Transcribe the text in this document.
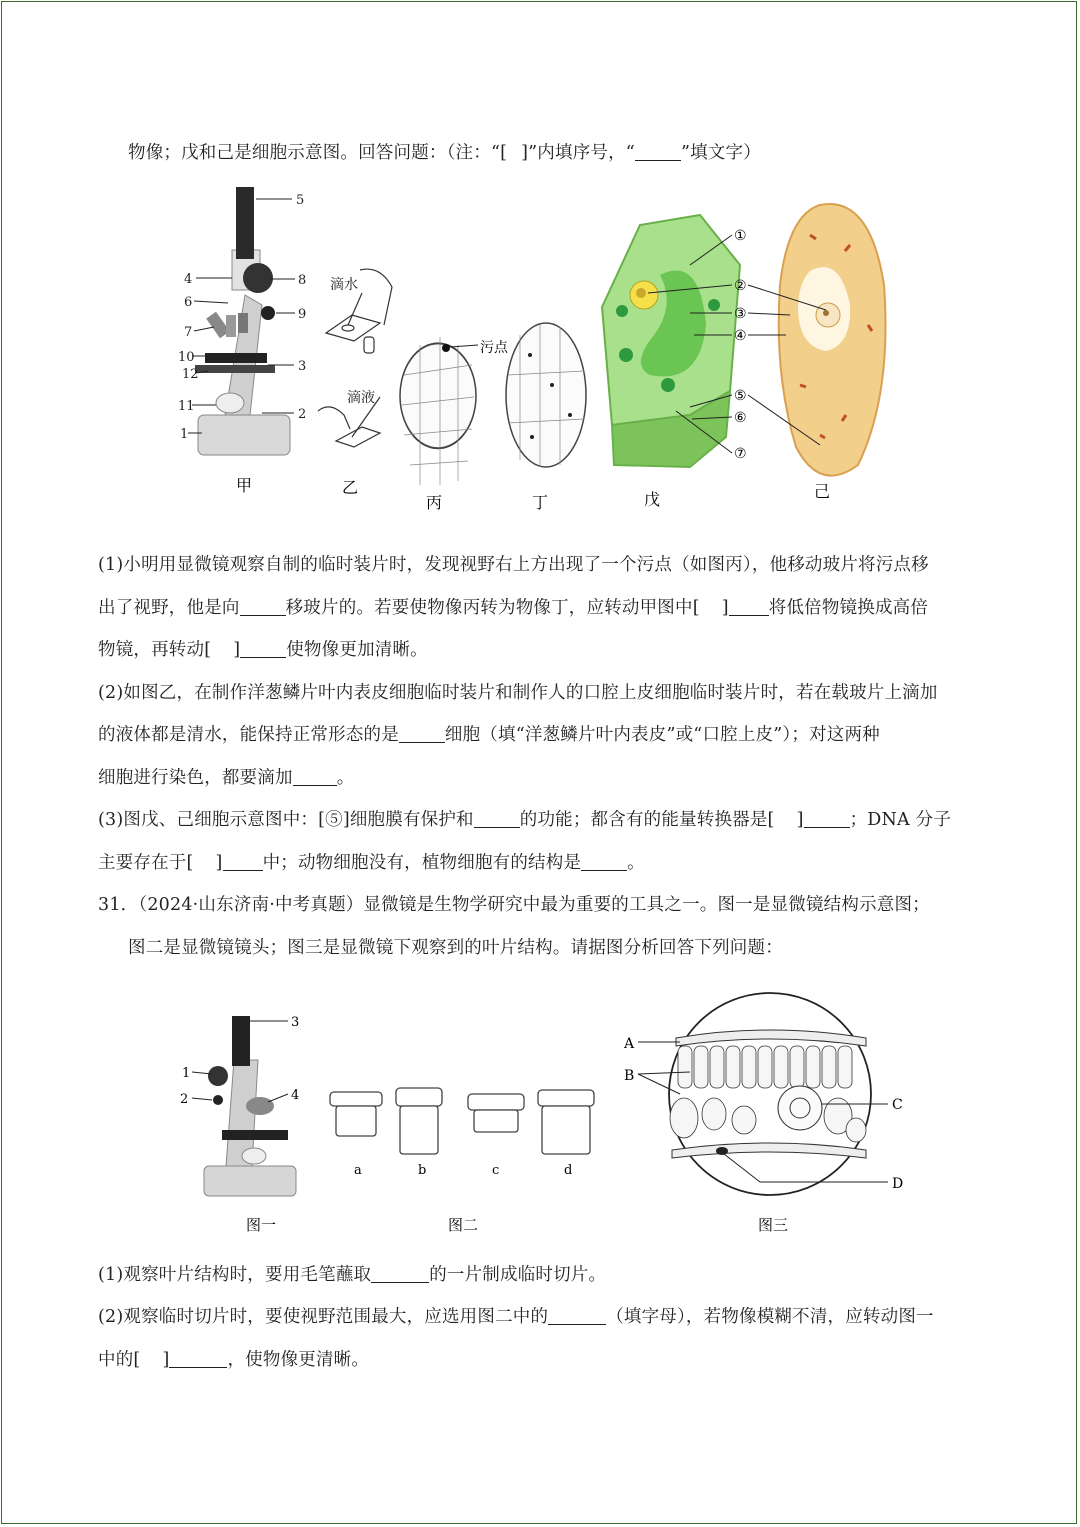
物像；戊和己是细胞示意图。回答问题：（注：“[ ]”内填序号，“	”填文字）
5
4	8
6
9
7
10
3
12
11
2
1
甲
滴水
滴液
乙
污点
丙	丁
①
②
③
④
⑤
⑥
⑦
戊	己
(1)小明用显微镜观察自制的临时装片时，发现视野右上方出现了一个污点（如图丙），他移动玻片将污点移
出了视野，他是向	移玻片的。若要使物像丙转为物像丁，应转动甲图中[ ] 将低倍物镜换成高倍
物镜，再转动[ ]	使物像更加清晰。
(2)如图乙，在制作洋葱鳞片叶内表皮细胞临时装片和制作人的口腔上皮细胞临时装片时，若在载玻片上滴加
的液体都是清水，能保持正常形态的是	细胞（填“洋葱鳞片叶内表皮”或“口腔上皮”）；对这两种
细胞进行染色，都要滴加	。
(3)图戊、己细胞示意图中：[⑤]细胞膜有保护和	的功能；都含有的能量转换器是[ ]	；DNA 分子
主要存在于[ ] 中；动物细胞没有，植物细胞有的结构是	。
31．（2024·山东济南·中考真题）显微镜是生物学研究中最为重要的工具之一。图一是显微镜结构示意图；
图二是显微镜镜头；图三是显微镜下观察到的叶片结构。请据图分析回答下列问题：
3
1
2	4
图一
a	b	c	d
图二
A
B
C
D
图三
(1)观察叶片结构时，要用毛笔蘸取	的一片制成临时切片。
(2)观察临时切片时，要使视野范围最大，应选用图二中的	（填字母），若物像模糊不清，应转动图一
中的[ ]	，使物像更清晰。
